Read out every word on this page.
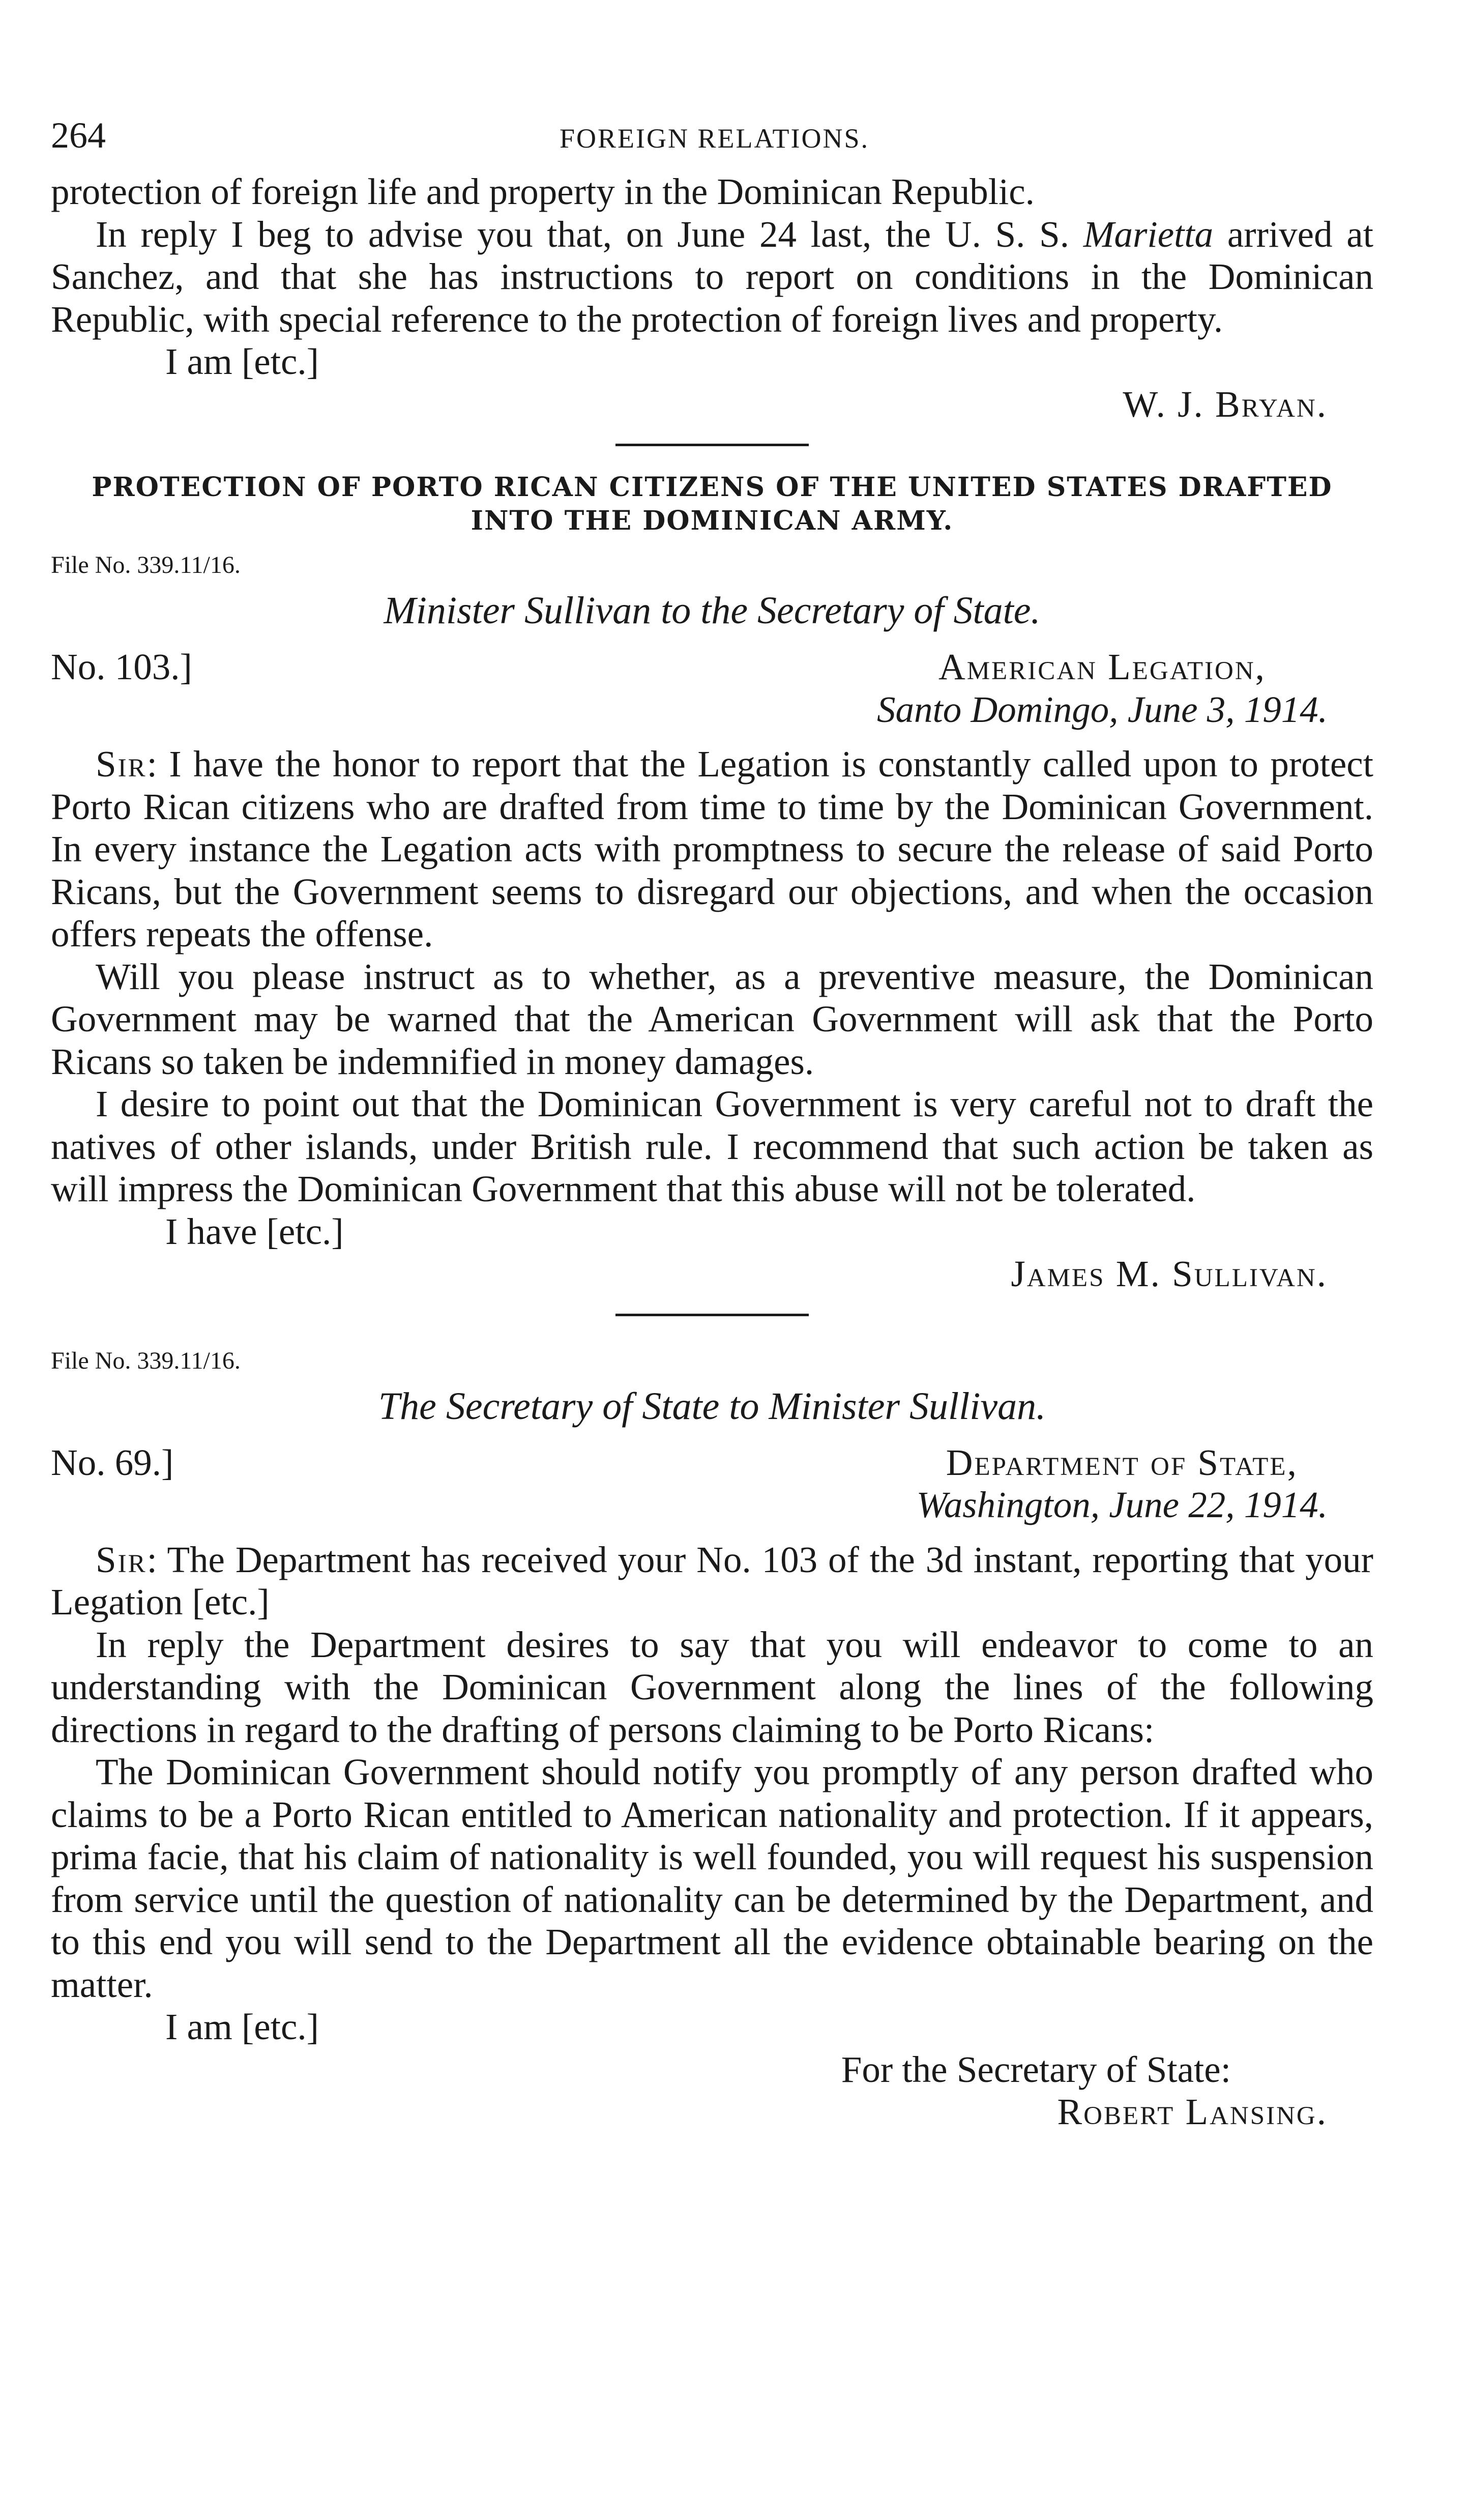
264	FOREIGN RELATIONS.

protection of foreign life and property in the Dominican Republic.

In reply I beg to advise you that, on June 24 last, the U. S. S. Marietta arrived at Sanchez, and that she has instructions to report on conditions in the Dominican Republic, with special reference to the protection of foreign lives and property.

I am [etc.]

W. J. Bryan.

PROTECTION OF PORTO RICAN CITIZENS OF THE UNITED STATES DRAFTED INTO THE DOMINICAN ARMY.
File No. 339.11/16.
Minister Sullivan to the Secretary of State.
No. 103.]	American Legation,
Santo Domingo, June 3, 1914.

Sir: I have the honor to report that the Legation is constantly called upon to protect Porto Rican citizens who are drafted from time to time by the Dominican Government. In every instance the Legation acts with promptness to secure the release of said Porto Ricans, but the Government seems to disregard our objections, and when the occasion offers repeats the offense.

Will you please instruct as to whether, as a preventive measure, the Dominican Government may be warned that the American Government will ask that the Porto Ricans so taken be indemnified in money damages.

I desire to point out that the Dominican Government is very careful not to draft the natives of other islands, under British rule. I recommend that such action be taken as will impress the Dominican Government that this abuse will not be tolerated.

I have [etc.]

James M. Sullivan.

File No. 339.11/16.
The Secretary of State to Minister Sullivan.
No. 69.]	Department of State,
Washington, June 22, 1914.

Sir: The Department has received your No. 103 of the 3d instant, reporting that your Legation [etc.]

In reply the Department desires to say that you will endeavor to come to an understanding with the Dominican Government along the lines of the following directions in regard to the drafting of persons claiming to be Porto Ricans:

The Dominican Government should notify you promptly of any person drafted who claims to be a Porto Rican entitled to American nationality and protection. If it appears, prima facie, that his claim of nationality is well founded, you will request his suspension from service until the question of nationality can be determined by the Department, and to this end you will send to the Department all the evidence obtainable bearing on the matter.

I am [etc.]

For the Secretary of State:

Robert Lansing.
